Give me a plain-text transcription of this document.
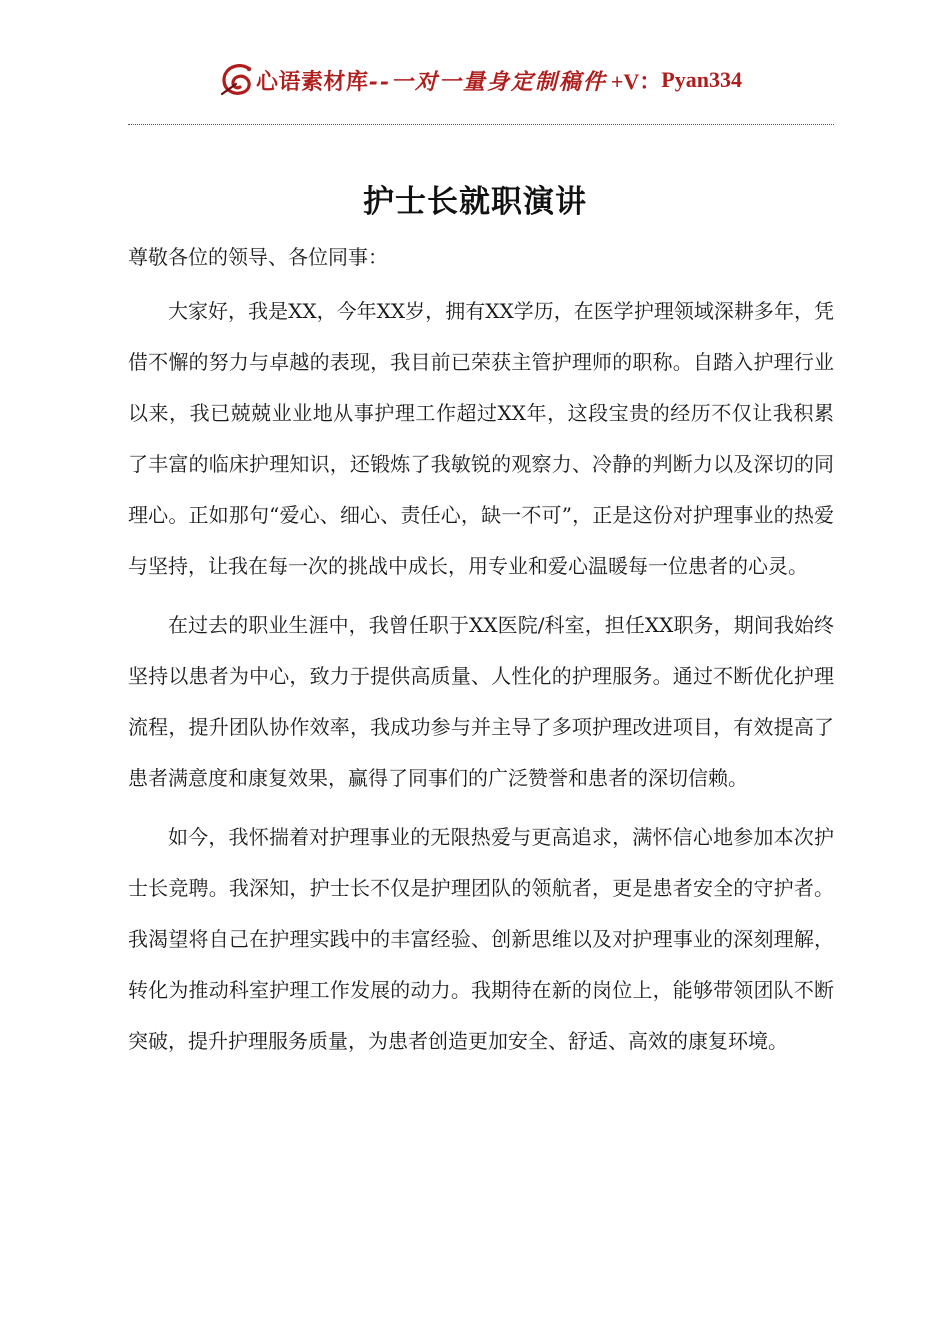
心语素材库 --一对一量身定制稿件 +V： Pyan334
护士长就职演讲

尊敬各位的领导、各位同事：

大家好，我是XX，今年XX岁，拥有XX学历，在医学护理领域深耕多年，凭借不懈的努力与卓越的表现，我目前已荣获主管护理师的职称。自踏入护理行业以来，我已兢兢业业地从事护理工作超过XX年，这段宝贵的经历不仅让我积累了丰富的临床护理知识，还锻炼了我敏锐的观察力、冷静的判断力以及深切的同理心。正如那句“爱心、细心、责任心，缺一不可”，正是这份对护理事业的热爱与坚持，让我在每一次的挑战中成长，用专业和爱心温暖每一位患者的心灵。

在过去的职业生涯中，我曾任职于XX医院/科室，担任XX职务，期间我始终坚持以患者为中心，致力于提供高质量、人性化的护理服务。通过不断优化护理流程，提升团队协作效率，我成功参与并主导了多项护理改进项目，有效提高了患者满意度和康复效果，赢得了同事们的广泛赞誉和患者的深切信赖。

如今，我怀揣着对护理事业的无限热爱与更高追求，满怀信心地参加本次护士长竞聘。我深知，护士长不仅是护理团队的领航者，更是患者安全的守护者。我渴望将自己在护理实践中的丰富经验、创新思维以及对护理事业的深刻理解，转化为推动科室护理工作发展的动力。我期待在新的岗位上，能够带领团队不断突破，提升护理服务质量，为患者创造更加安全、舒适、高效的康复环境。
